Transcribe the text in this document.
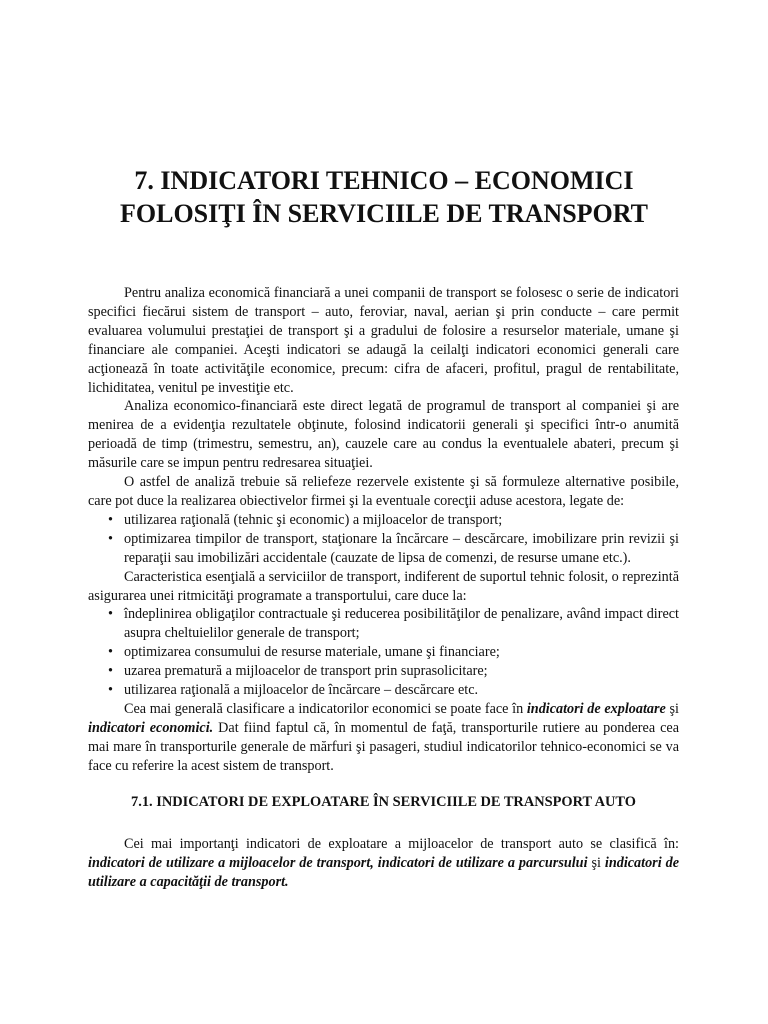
7. INDICATORI TEHNICO – ECONOMICI
FOLOSIŢI ÎN SERVICIILE DE TRANSPORT

Pentru analiza economică financiară a unei companii de transport se folosesc o serie de indicatori specifici fiecărui sistem de transport – auto, feroviar, naval, aerian şi prin conducte – care permit evaluarea volumului prestaţiei de transport şi a gradului de folosire a resurselor materiale, umane şi financiare ale companiei. Aceşti indicatori se adaugă la ceilalţi indicatori economici generali care acţionează în toate activităţile economice, precum: cifra de afaceri, profitul, pragul de rentabilitate, lichiditatea, venitul pe investiţie etc.

Analiza economico-financiară este direct legată de programul de transport al companiei şi are menirea de a evidenţia rezultatele obţinute, folosind indicatorii generali şi specifici într-o anumită perioadă de timp (trimestru, semestru, an), cauzele care au condus la eventualele abateri, precum şi măsurile care se impun pentru redresarea situaţiei.

O astfel de analiză trebuie să reliefeze rezervele existente şi să formuleze alternative posibile, care pot duce la realizarea obiectivelor firmei şi la eventuale corecţii aduse acestora, legate de:

• utilizarea raţională (tehnic şi economic) a mijloacelor de transport;
• optimizarea timpilor de transport, staţionare la încărcare – descărcare, imobilizare prin revizii şi reparaţii sau imobilizări accidentale (cauzate de lipsa de comenzi, de resurse umane etc.).

Caracteristica esenţială a serviciilor de transport, indiferent de suportul tehnic folosit, o reprezintă asigurarea unei ritmicităţi programate a transportului, care duce la:

• îndeplinirea obligaţilor contractuale şi reducerea posibilităţilor de penalizare, având impact direct asupra cheltuielilor generale de transport;
• optimizarea consumului de resurse materiale, umane şi financiare;
• uzarea prematură a mijloacelor de transport prin suprasolicitare;
• utilizarea raţională a mijloacelor de încărcare – descărcare etc.

Cea mai generală clasificare a indicatorilor economici se poate face în indicatori de exploatare şi indicatori economici. Dat fiind faptul că, în momentul de faţă, transporturile rutiere au ponderea cea mai mare în transporturile generale de mărfuri şi pasageri, studiul indicatorilor tehnico-economici se va face cu referire la acest sistem de transport.

7.1. INDICATORI DE EXPLOATARE ÎN SERVICIILE DE TRANSPORT AUTO

Cei mai importanţi indicatori de exploatare a mijloacelor de transport auto se clasifică în: indicatori de utilizare a mijloacelor de transport, indicatori de utilizare a parcursului şi indicatori de utilizare a capacităţii de transport.
